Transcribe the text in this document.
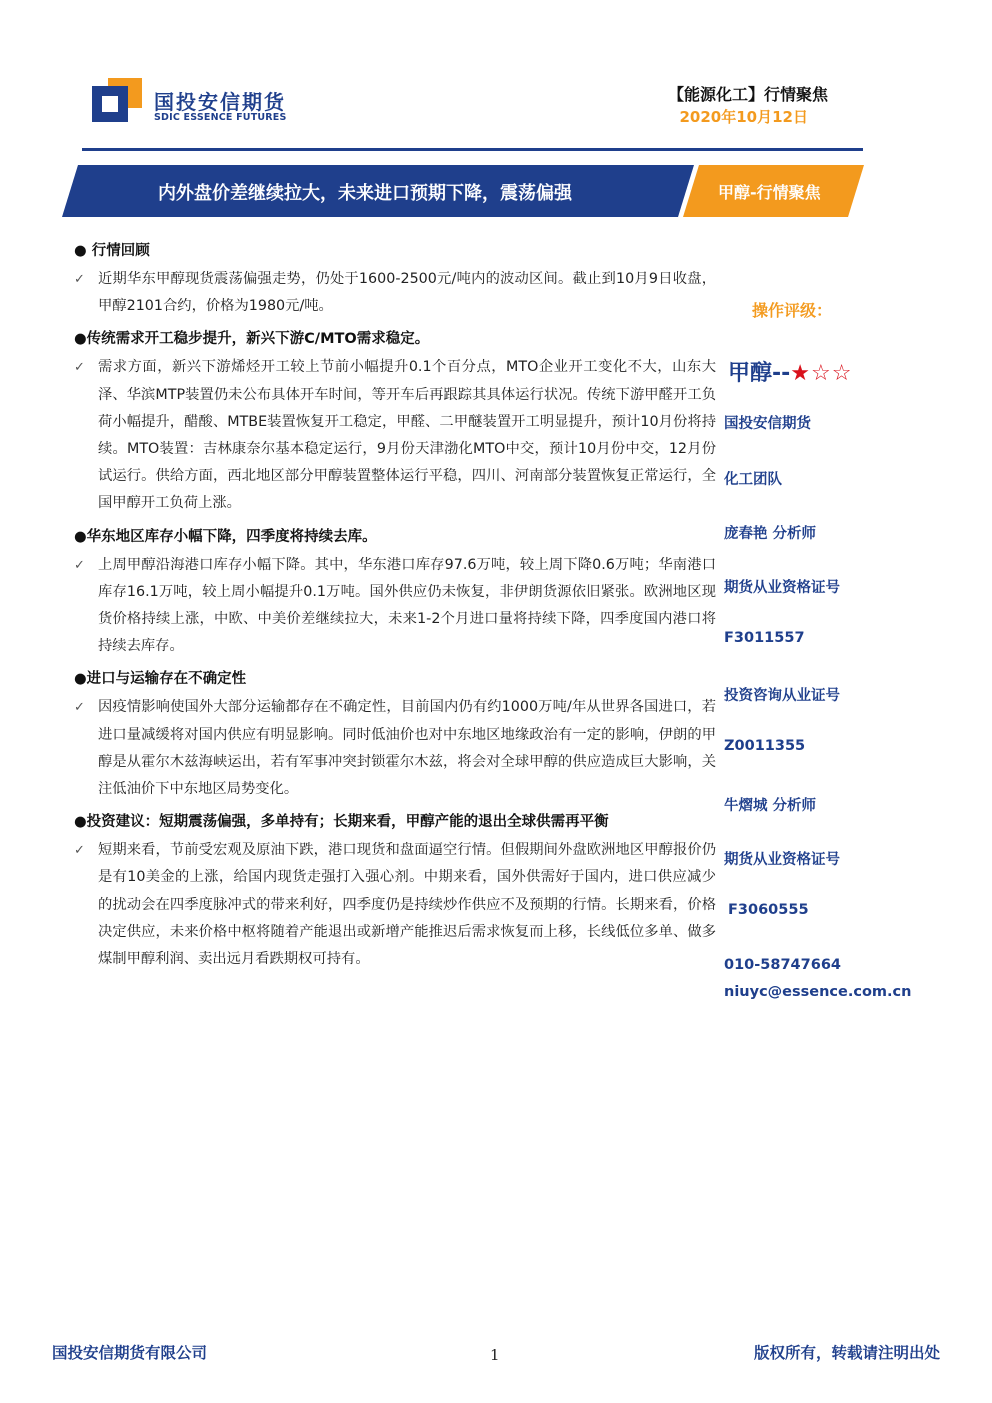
国投安信期货
SDIC ESSENCE FUTURES
【能源化工】行情聚焦
2020年10月12日
内外盘价差继续拉大，未来进口预期下降，震荡偏强	甲醇-行情聚焦
● 行情回顾
✓ 近期华东甲醇现货震荡偏强走势，仍处于1600-2500元/吨内的波动区间。截止到10月9日收盘，甲醇2101合约，价格为1980元/吨。
●传统需求开工稳步提升，新兴下游C/MTO需求稳定。
✓ 需求方面，新兴下游烯烃开工较上节前小幅提升0.1个百分点，MTO企业开工变化不大，山东大泽、华滨MTP装置仍未公布具体开车时间，等开车后再跟踪其具体运行状况。传统下游甲醛开工负荷小幅提升，醋酸、MTBE装置恢复开工稳定，甲醛、二甲醚装置开工明显提升，预计10月份将持续。MTO装置：吉林康奈尔基本稳定运行，9月份天津渤化MTO中交，预计10月份中交，12月份试运行。供给方面，西北地区部分甲醇装置整体运行平稳，四川、河南部分装置恢复正常运行，全国甲醇开工负荷上涨。
●华东地区库存小幅下降，四季度将持续去库。
✓ 上周甲醇沿海港口库存小幅下降。其中，华东港口库存97.6万吨，较上周下降0.6万吨；华南港口库存16.1万吨，较上周小幅提升0.1万吨。国外供应仍未恢复，非伊朗货源依旧紧张。欧洲地区现货价格持续上涨，中欧、中美价差继续拉大，未来1-2个月进口量将持续下降，四季度国内港口将持续去库存。
●进口与运输存在不确定性
✓ 因疫情影响使国外大部分运输都存在不确定性，目前国内仍有约1000万吨/年从世界各国进口，若进口量减缓将对国内供应有明显影响。同时低油价也对中东地区地缘政治有一定的影响，伊朗的甲醇是从霍尔木兹海峡运出，若有军事冲突封锁霍尔木兹，将会对全球甲醇的供应造成巨大影响，关注低油价下中东地区局势变化。
●投资建议：短期震荡偏强，多单持有；长期来看，甲醇产能的退出全球供需再平衡
✓ 短期来看，节前受宏观及原油下跌，港口现货和盘面逼空行情。但假期间外盘欧洲地区甲醇报价仍是有10美金的上涨，给国内现货走强打入强心剂。中期来看，国外供需好于国内，进口供应减少的扰动会在四季度脉冲式的带来利好，四季度仍是持续炒作供应不及预期的行情。长期来看，价格决定供应，未来价格中枢将随着产能退出或新增产能推迟后需求恢复而上移，长线低位多单、做多煤制甲醇利润、卖出远月看跌期权可持有。
操作评级：
甲醇--★☆☆
国投安信期货
化工团队
庞春艳 分析师
期货从业资格证号
F3011557
投资咨询从业证号
Z0011355
牛熠城 分析师
期货从业资格证号
F3060555
010-58747664
niuyc@essence.com.cn
国投安信期货有限公司	1	版权所有，转载请注明出处
